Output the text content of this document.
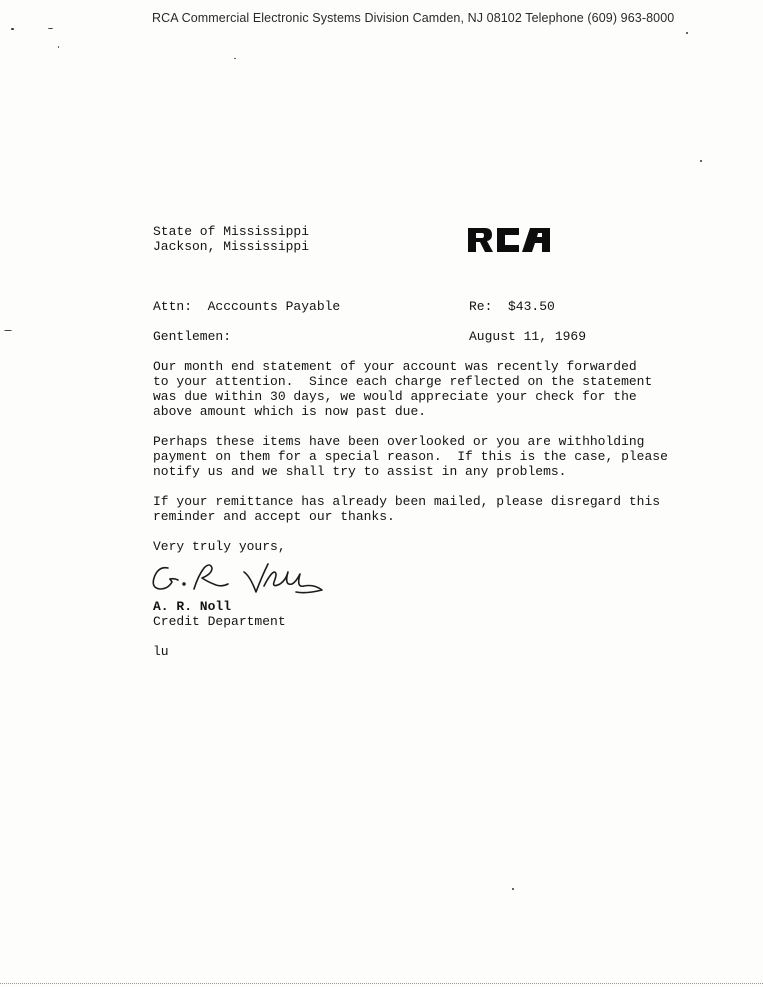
RCA Commercial Electronic Systems Division Camden, NJ 08102 Telephone (609) 963-8000
State of Mississippi
Jackson, Mississippi
Attn:  Acccounts Payable	Re:  $43.50
Gentlemen:	August 11, 1969
Our month end statement of your account was recently forwarded
to your attention.  Since each charge reflected on the statement
was due within 30 days, we would appreciate your check for the
above amount which is now past due.
Perhaps these items have been overlooked or you are withholding
payment on them for a special reason.  If this is the case, please
notify us and we shall try to assist in any problems.
If your remittance has already been mailed, please disregard this
reminder and accept our thanks.
Very truly yours,
A. R. Noll
Credit Department
lu
